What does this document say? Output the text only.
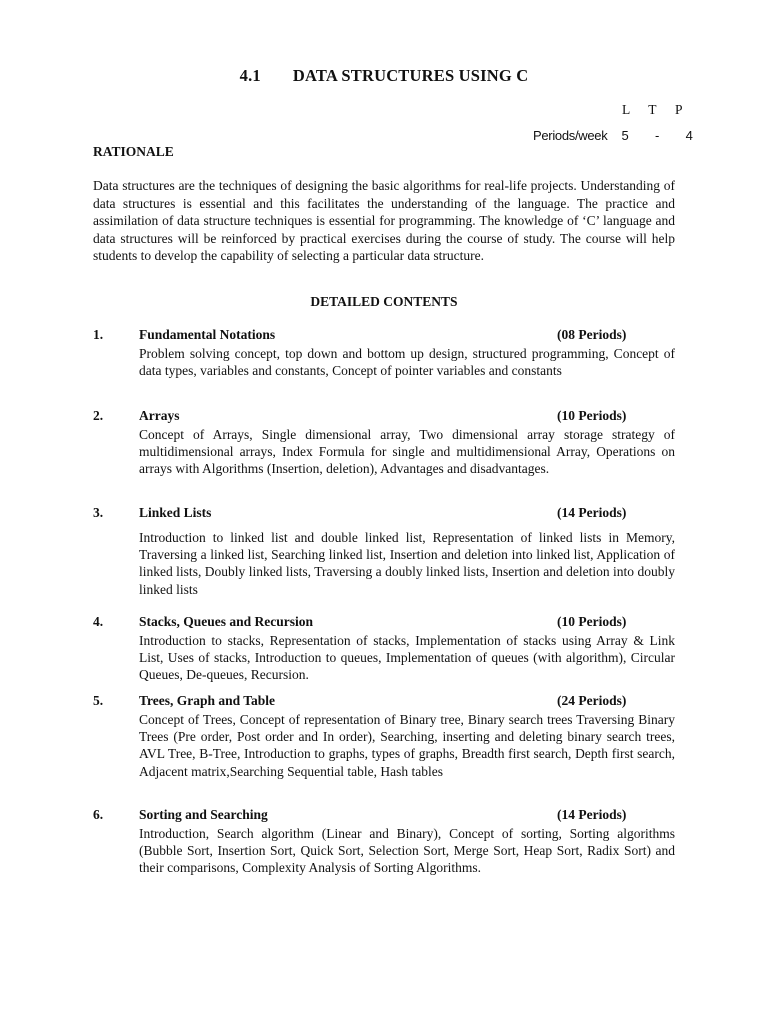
4.1 DATA STRUCTURES USING C
L  T  P
Periods/week 5  -  4
RATIONALE

Data structures are the techniques of designing the basic algorithms for real-life projects. Understanding of data structures is essential and this facilitates the understanding of the language. The practice and assimilation of data structure techniques is essential for programming. The knowledge of ‘C’ language and data structures will be reinforced by practical exercises during the course of study. The course will help students to develop the capability of selecting a particular data structure.

DETAILED CONTENTS
1.	Fundamental Notations	(08 Periods)

Problem solving concept, top down and bottom up design, structured programming, Concept of data types, variables and constants, Concept of pointer variables and constants

2.	Arrays	(10 Periods)

Concept of Arrays, Single dimensional array, Two dimensional array storage strategy of multidimensional arrays, Index Formula for single and multidimensional Array, Operations on arrays with Algorithms (Insertion, deletion), Advantages and disadvantages.

3.	Linked Lists	(14 Periods)

Introduction to linked list and double linked list, Representation of linked lists in Memory, Traversing a linked list, Searching linked list, Insertion and deletion into linked list, Application of linked lists, Doubly linked lists, Traversing a doubly linked lists, Insertion and deletion into doubly linked lists

4.	Stacks, Queues and Recursion	(10 Periods)

Introduction to stacks, Representation of stacks, Implementation of stacks using Array & Link List, Uses of stacks, Introduction to queues, Implementation of queues (with algorithm), Circular Queues, De-queues, Recursion.

5.	Trees, Graph and Table	(24 Periods)

Concept of Trees, Concept of representation of Binary tree, Binary search trees Traversing Binary Trees (Pre order, Post order and In order), Searching, inserting and deleting binary search trees, AVL Tree, B-Tree, Introduction to graphs, types of graphs, Breadth first search, Depth first search, Adjacent matrix,Searching Sequential table, Hash tables

6.	Sorting and Searching	(14 Periods)

Introduction, Search algorithm (Linear and Binary), Concept of sorting, Sorting algorithms (Bubble Sort, Insertion Sort, Quick Sort, Selection Sort, Merge Sort, Heap Sort, Radix Sort) and their comparisons, Complexity Analysis of Sorting Algorithms.
